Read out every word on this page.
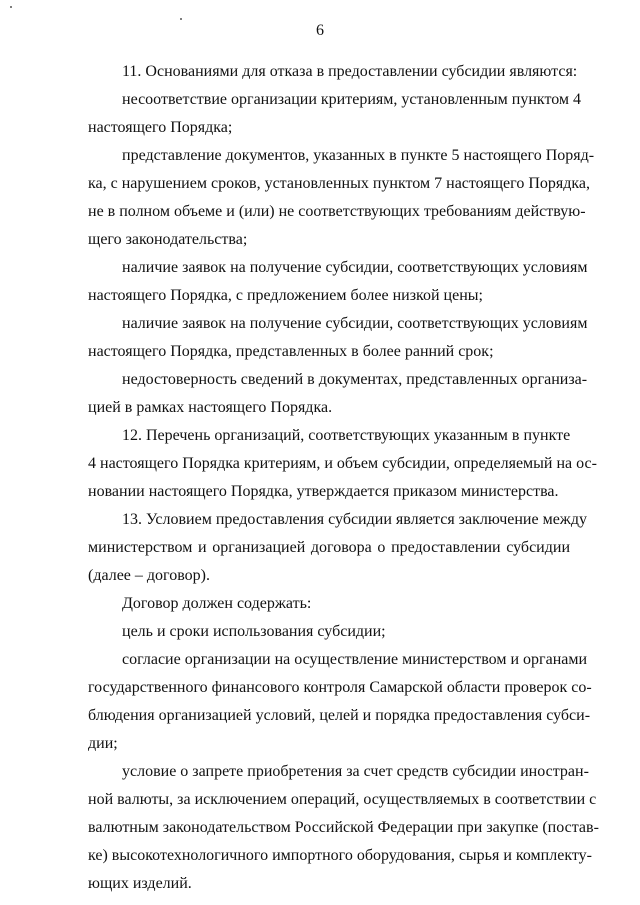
6
11. Основаниями для отказа в предоставлении субсидии являются:
несоответствие организации критериям, установленным пунктом 4
настоящего Порядка;
представление документов, указанных в пункте 5 настоящего Поряд-
ка, с нарушением сроков, установленных пунктом 7 настоящего Порядка,
не в полном объеме и (или) не соответствующих требованиям действую-
щего законодательства;
наличие заявок на получение субсидии, соответствующих условиям
настоящего Порядка, с предложением более низкой цены;
наличие заявок на получение субсидии, соответствующих условиям
настоящего Порядка, представленных в более ранний срок;
недостоверность сведений в документах, представленных организа-
цией в рамках настоящего Порядка.
12. Перечень организаций, соответствующих указанным в пункте
4 настоящего Порядка критериям, и объем субсидии, определяемый на ос-
новании настоящего Порядка, утверждается приказом министерства.
13. Условием предоставления субсидии является заключение между
министерством и организацией договора о предоставлении субсидии
(далее – договор).
Договор должен содержать:
цель и сроки использования субсидии;
согласие организации на осуществление министерством и органами
государственного финансового контроля Самарской области проверок со-
блюдения организацией условий, целей и порядка предоставления субси-
дии;
условие о запрете приобретения за счет средств субсидии иностран-
ной валюты, за исключением операций, осуществляемых в соответствии с
валютным законодательством Российской Федерации при закупке (постав-
ке) высокотехнологичного импортного оборудования, сырья и комплекту-
ющих изделий.
